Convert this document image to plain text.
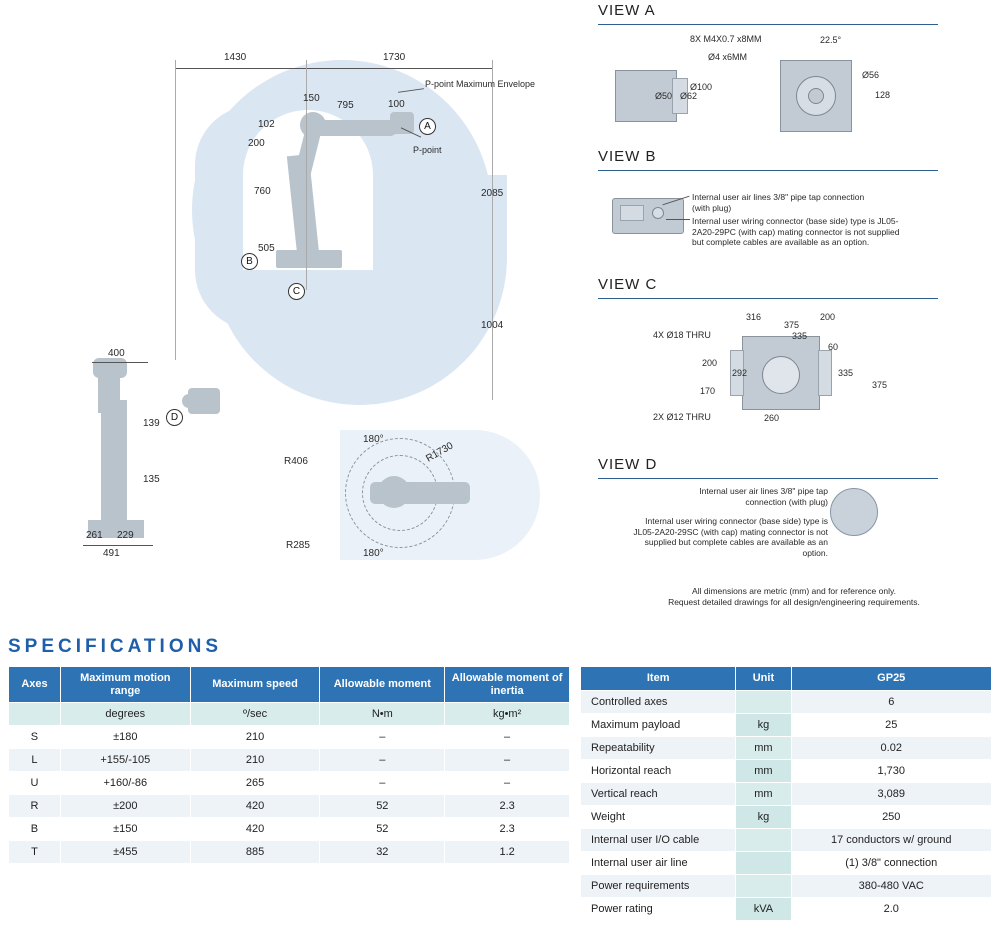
1430	1730
150
795	100
102
200
760
505
2085
1004
P-point Maximum Envelope
P-point
A
B
C
400
139
135
261 229
491
D
180°
180°
R406	R1730
R285
VIEW A
8X M4X0.7 x8MM
Ø4 x6MM
22.5°
Ø100
Ø50 Ø62
Ø56
128
VIEW B
Internal user air lines 3/8" pipe tap connection (with plug)
Internal user wiring connector (base side) type is JL05-2A20-29PC (with cap) mating connector is not supplied but complete cables are available as an option.
VIEW C
4X Ø18 THRU
316
375
200
335
60
200
292	335
170
375
2X Ø12 THRU	260
VIEW D
Internal user air lines 3/8" pipe tap connection (with plug)
Internal user wiring connector (base side) type is JL05-2A20-29SC (with cap) mating connector is not supplied but complete cables are available as an option.
All dimensions are metric (mm) and for reference only.
Request detailed drawings for all design/engineering requirements.
SPECIFICATIONS
Axes	Maximum motion range	Maximum speed	Allowable moment	Allowable moment of inertia
	degrees	º/sec	N•m	kg•m²
S	±180	210	–	–
L	+155/-105	210	–	–
U	+160/-86	265	–	–
R	±200	420	52	2.3
B	±150	420	52	2.3
T	±455	885	32	1.2
Item	Unit	GP25
Controlled axes		6
Maximum payload	kg	25
Repeatability	mm	0.02
Horizontal reach	mm	1,730
Vertical reach	mm	3,089
Weight	kg	250
Internal user I/O cable		17 conductors w/ ground
Internal user air line		(1) 3/8" connection
Power requirements		380-480 VAC
Power rating	kVA	2.0
